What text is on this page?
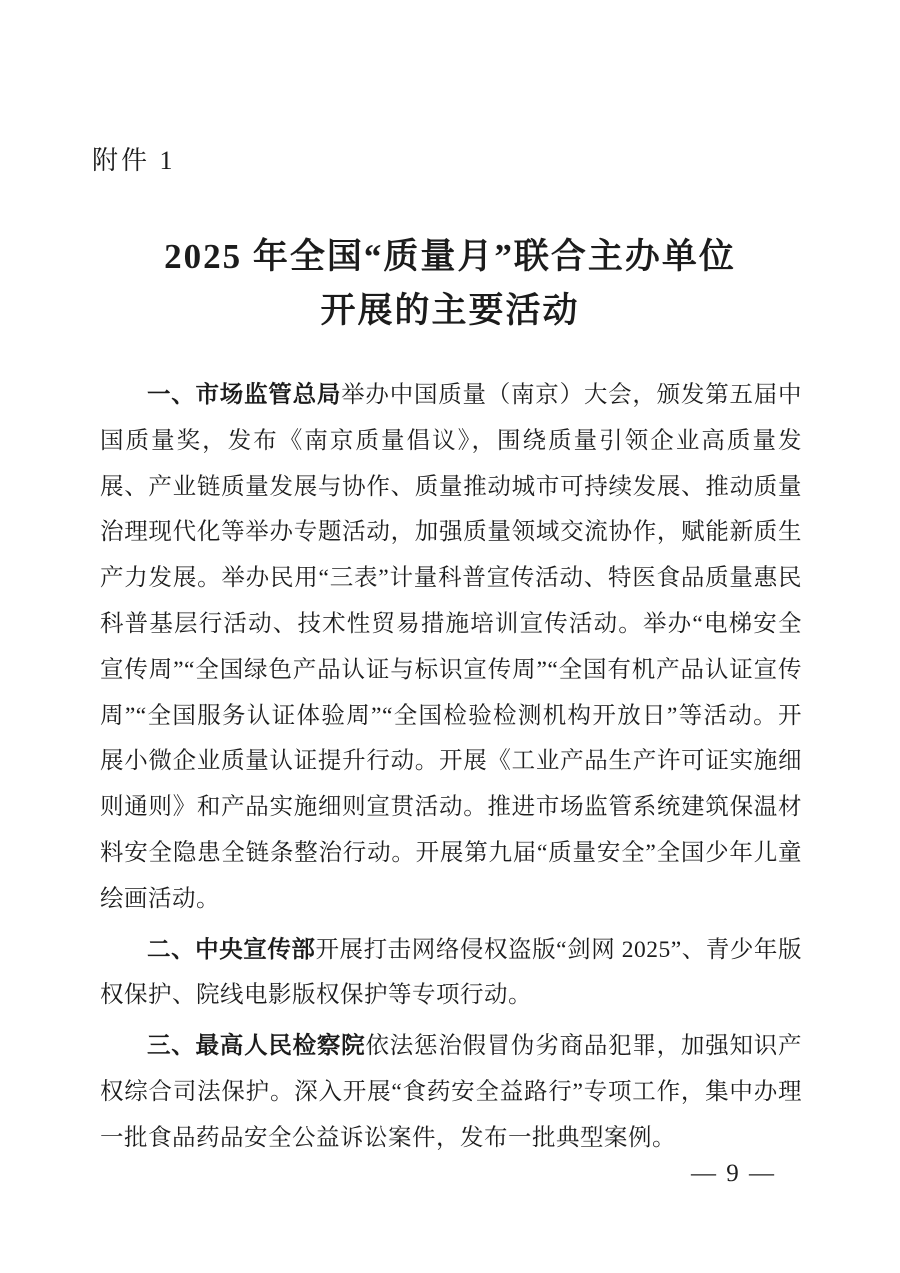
附件 1
2025 年全国“质量月”联合主办单位
开展的主要活动

一、市场监管总局举办中国质量（南京）大会，颁发第五届中国质量奖，发布《南京质量倡议》，围绕质量引领企业高质量发展、产业链质量发展与协作、质量推动城市可持续发展、推动质量治理现代化等举办专题活动，加强质量领域交流协作，赋能新质生产力发展。举办民用“三表”计量科普宣传活动、特医食品质量惠民科普基层行活动、技术性贸易措施培训宣传活动。举办“电梯安全宣传周”“全国绿色产品认证与标识宣传周”“全国有机产品认证宣传周”“全国服务认证体验周”“全国检验检测机构开放日”等活动。开展小微企业质量认证提升行动。开展《工业产品生产许可证实施细则通则》和产品实施细则宣贯活动。推进市场监管系统建筑保温材料安全隐患全链条整治行动。开展第九届“质量安全”全国少年儿童绘画活动。

二、中央宣传部开展打击网络侵权盗版“剑网 2025”、青少年版权保护、院线电影版权保护等专项行动。

三、最高人民检察院依法惩治假冒伪劣商品犯罪，加强知识产权综合司法保护。深入开展“食药安全益路行”专项工作，集中办理一批食品药品安全公益诉讼案件，发布一批典型案例。

— 9 —
